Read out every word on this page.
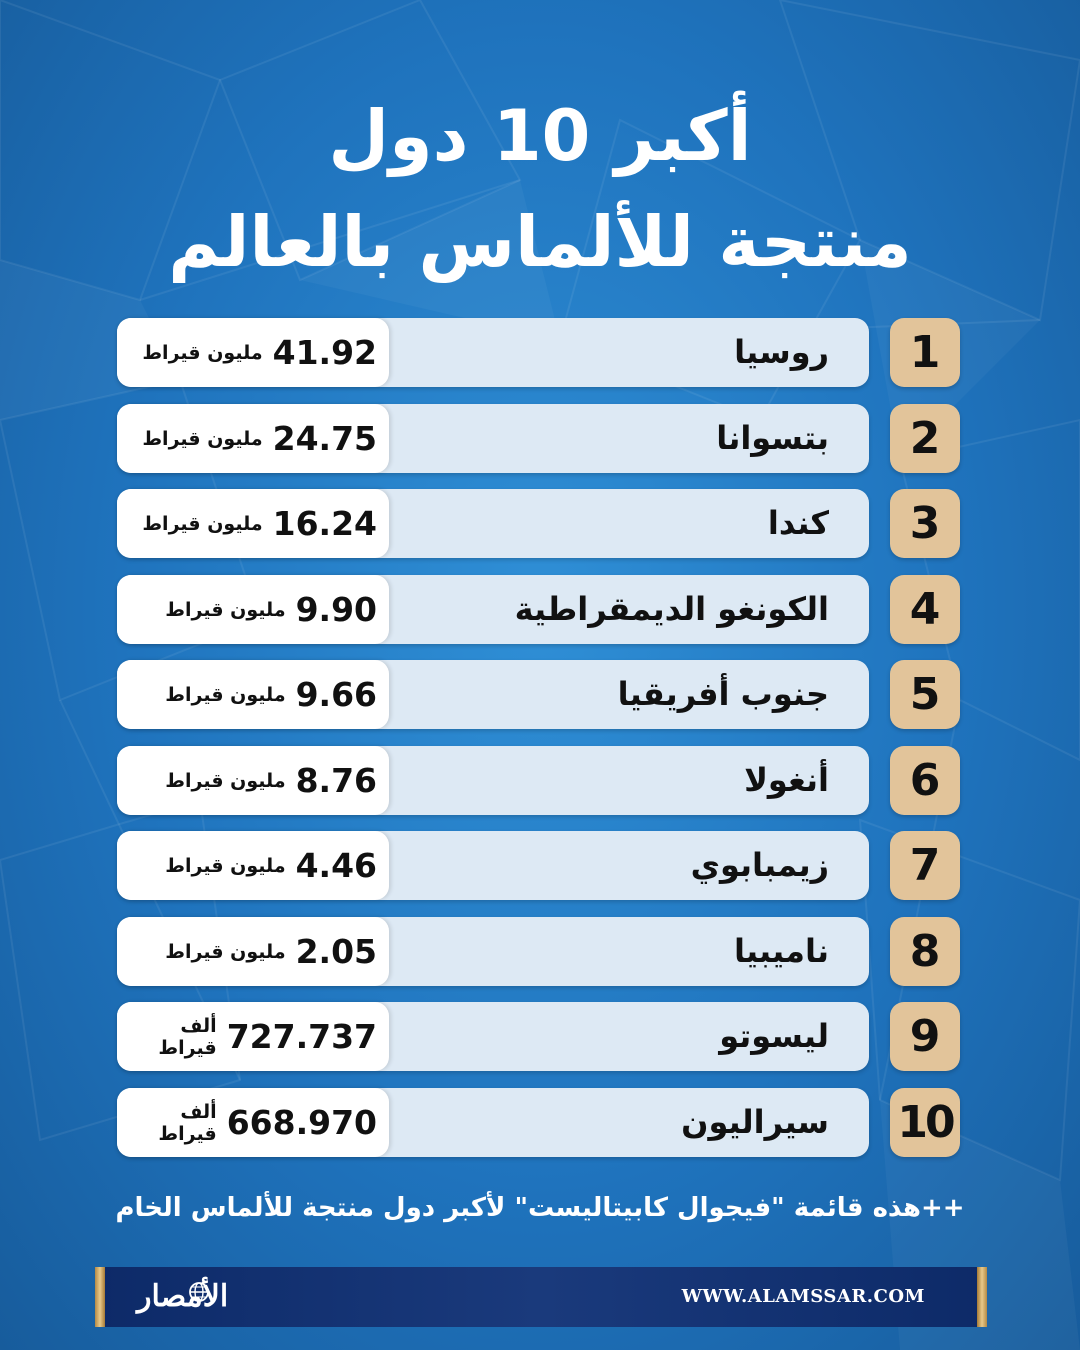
أكبر 10 دول
منتجة للألماس بالعالم
مليون قيراط 41.92	روسيا	1
مليون قيراط 24.75	بتسوانا	2
مليون قيراط 16.24	كندا	3
مليون قيراط 9.90	الكونغو الديمقراطية	4
مليون قيراط 9.66	جنوب أفريقيا	5
مليون قيراط 8.76	أنغولا	6
مليون قيراط 4.46	زيمبابوي	7
مليون قيراط 2.05	ناميبيا	8
ألف قيراط 727.737	ليسوتو	9
ألف قيراط 668.970	سيراليون 10
++هذه قائمة "فيجوال كابيتاليست" لأكبر دول منتجة للألماس الخام
الأمصار	WWW.ALAMSSAR.COM
